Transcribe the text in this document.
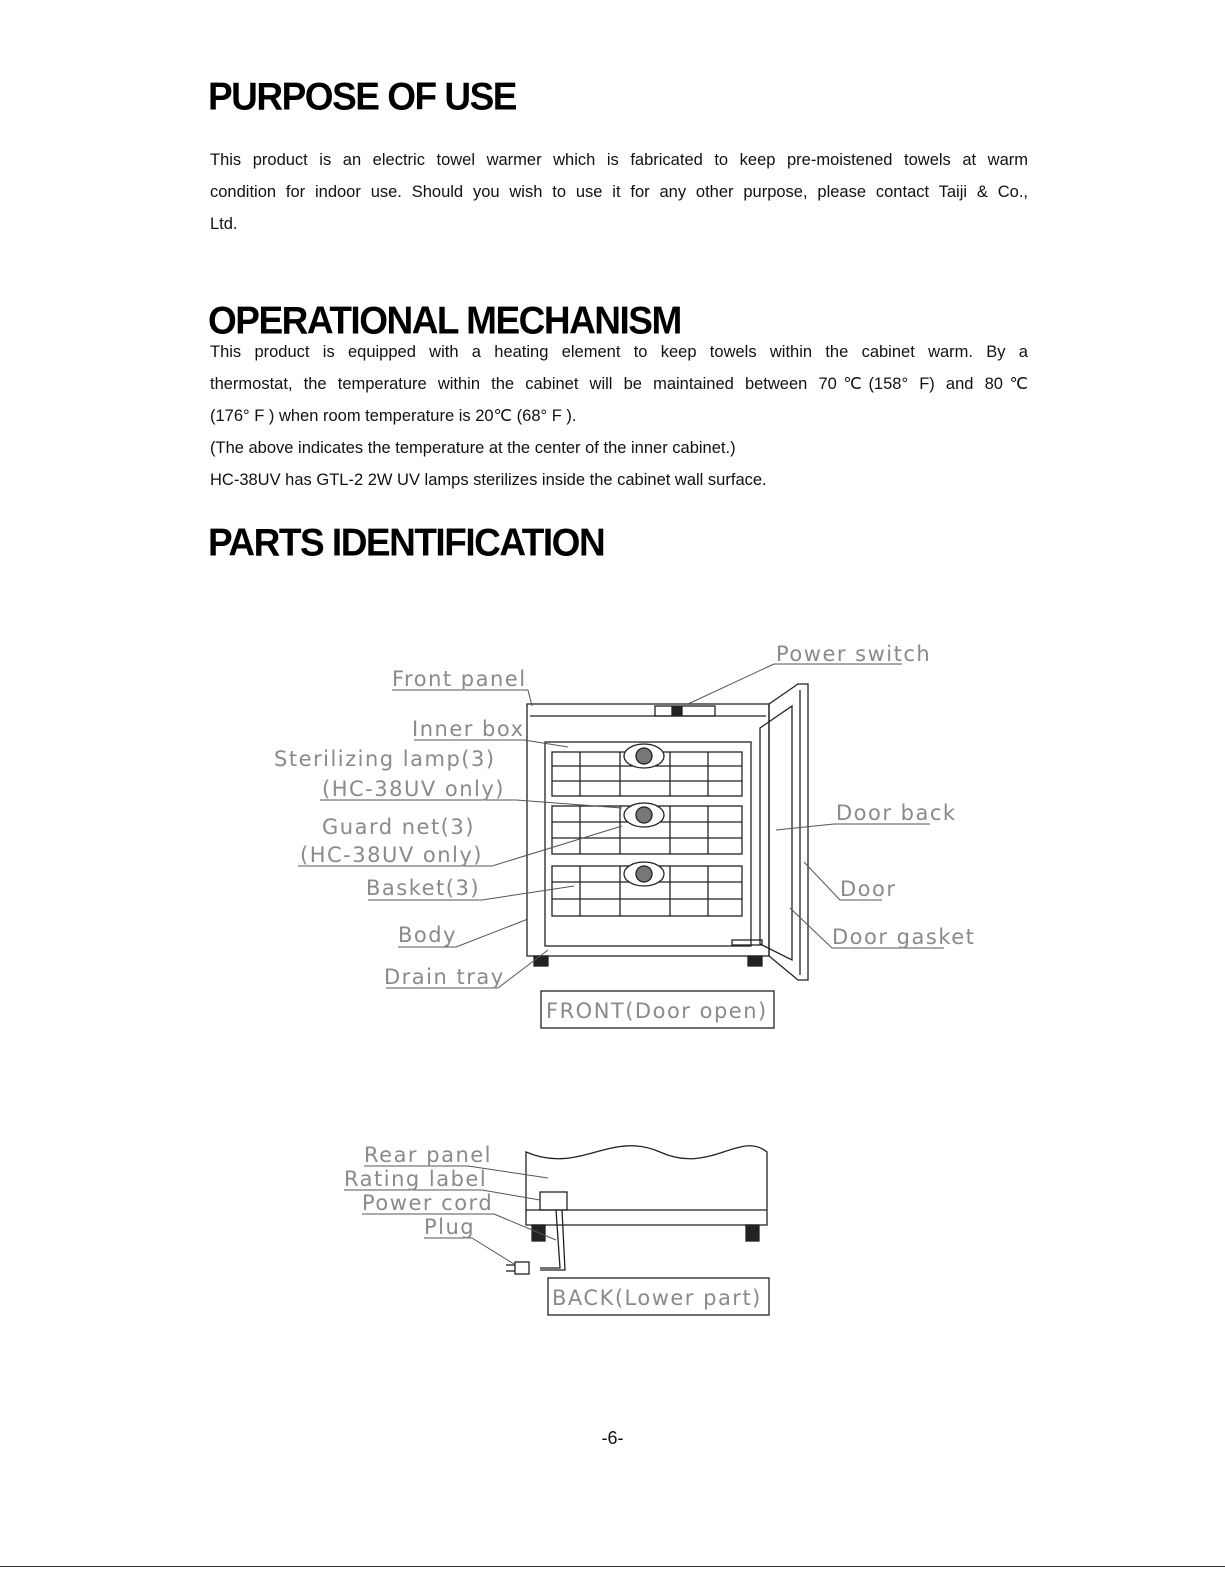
PURPOSE OF USE
This product is an electric towel warmer which is fabricated to keep pre-moistened towels at warm
condition for indoor use. Should you wish to use it for any other purpose, please contact Taiji & Co.,
Ltd.
OPERATIONAL MECHANISM
This product is equipped with a heating element to keep towels within the cabinet warm. By a
thermostat, the temperature within the cabinet will be maintained between 70℃(158° F) and 80℃
(176° F ) when room temperature is 20℃ (68° F ).
(The above indicates the temperature at the center of the inner cabinet.)
HC-38UV has GTL-2 2W UV lamps sterilizes inside the cabinet wall surface.
PARTS IDENTIFICATION
Front panel
Inner box
Sterilizing lamp(3)
(HC-38UV only)
Guard net(3)
(HC-38UV only)
Basket(3)
Body
Drain tray
Power switch
Door back
Door
Door gasket
FRONT(Door open)
Rear panel
Rating label
Power cord
Plug
BACK(Lower part)
-6-
